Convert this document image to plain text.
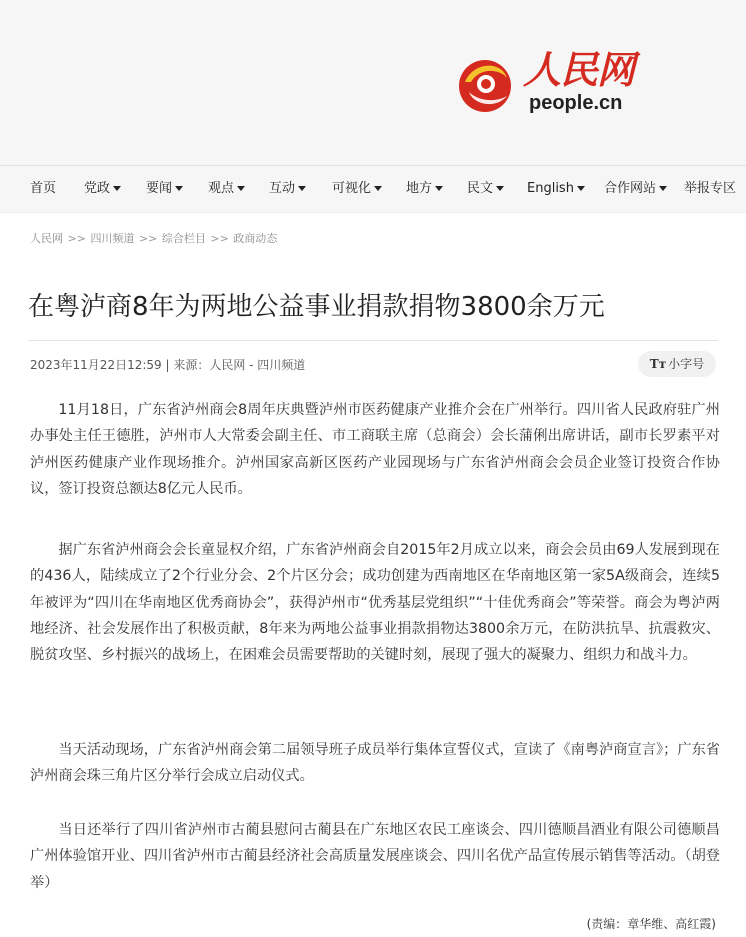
人民网
people.cn
首页 党政	要闻	观点	互动	可视化	地方	民文	English	合作网站	举报专区
人民网 >> 四川频道 >> 综合栏目 >> 政商动态
在粤泸商8年为两地公益事业捐款捐物3800余万元
2023年11月22日12:59 | 来源：人民网 - 四川频道	Tт 小字号

11月18日，广东省泸州商会8周年庆典暨泸州市医药健康产业推介会在广州举行。四川省人民政府驻广州办事处主任王德胜，泸州市人大常委会副主任、市工商联主席（总商会）会长蒲俐出席讲话，副市长罗素平对泸州医药健康产业作现场推介。泸州国家高新区医药产业园现场与广东省泸州商会会员企业签订投资合作协议，签订投资总额达8亿元人民币。

据广东省泸州商会会长童显权介绍，广东省泸州商会自2015年2月成立以来，商会会员由69人发展到现在的436人，陆续成立了2个行业分会、2个片区分会；成功创建为西南地区在华南地区第一家5A级商会，连续5年被评为“四川在华南地区优秀商协会”，获得泸州市“优秀基层党组织”“十佳优秀商会”等荣誉。商会为粤泸两地经济、社会发展作出了积极贡献，8年来为两地公益事业捐款捐物达3800余万元，在防洪抗旱、抗震救灾、脱贫攻坚、乡村振兴的战场上，在困难会员需要帮助的关键时刻，展现了强大的凝聚力、组织力和战斗力。

当天活动现场，广东省泸州商会第二届领导班子成员举行集体宣誓仪式，宣读了《南粤泸商宣言》；广东省泸州商会珠三角片区分举行会成立启动仪式。

当日还举行了四川省泸州市古蔺县慰问古蔺县在广东地区农民工座谈会、四川德顺昌酒业有限公司德顺昌广州体验馆开业、四川省泸州市古蔺县经济社会高质量发展座谈会、四川名优产品宣传展示销售等活动。（胡登举）

(责编：章华维、高红霞)
